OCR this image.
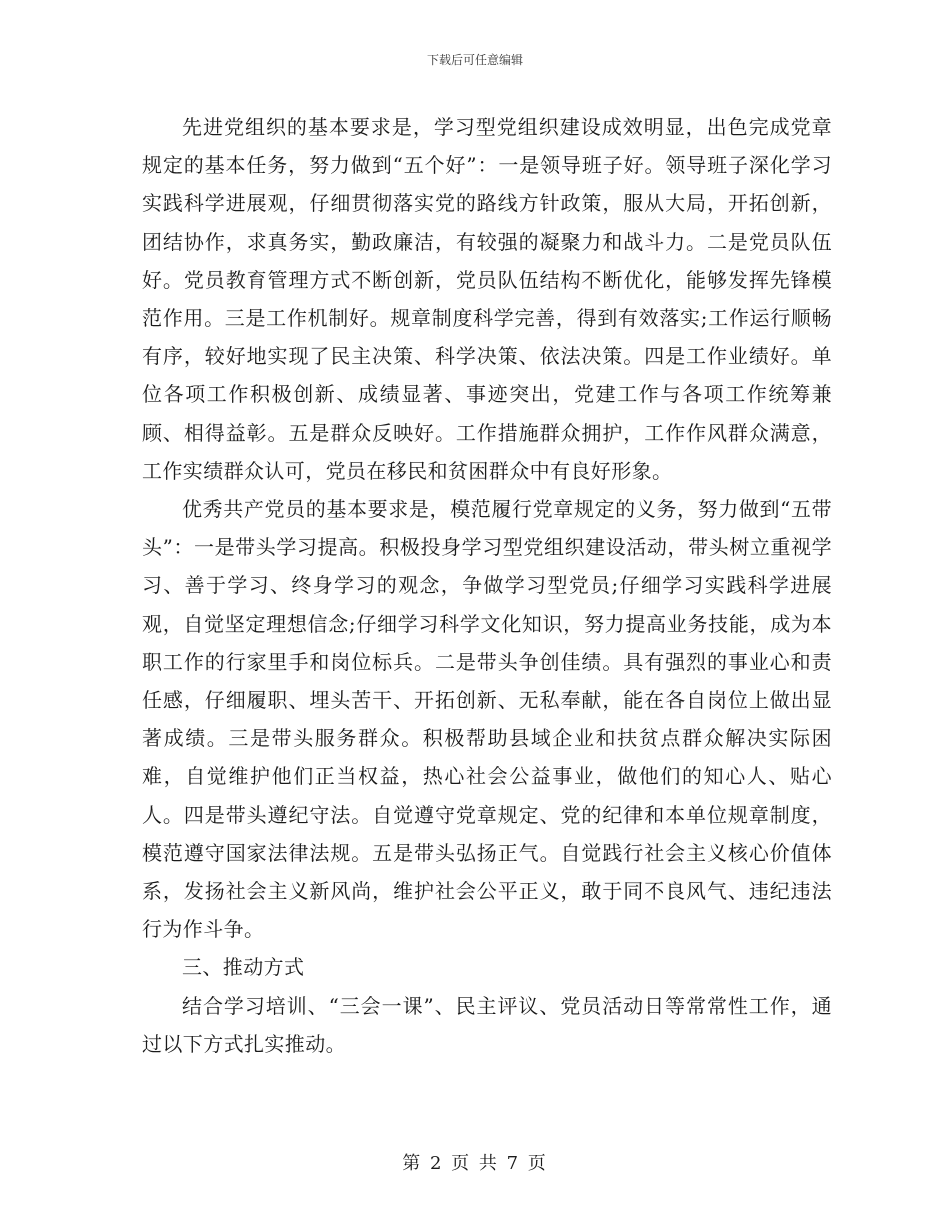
下载后可任意编辑

先进党组织的基本要求是，学习型党组织建设成效明显，出色完成党章规定的基本任务，努力做到“五个好”：一是领导班子好。领导班子深化学习实践科学进展观，仔细贯彻落实党的路线方针政策，服从大局，开拓创新，团结协作，求真务实，勤政廉洁，有较强的凝聚力和战斗力。二是党员队伍好。党员教育管理方式不断创新，党员队伍结构不断优化，能够发挥先锋模范作用。三是工作机制好。规章制度科学完善，得到有效落实;工作运行顺畅有序，较好地实现了民主决策、科学决策、依法决策。四是工作业绩好。单位各项工作积极创新、成绩显著、事迹突出，党建工作与各项工作统筹兼顾、相得益彰。五是群众反映好。工作措施群众拥护，工作作风群众满意，工作实绩群众认可，党员在移民和贫困群众中有良好形象。

优秀共产党员的基本要求是，模范履行党章规定的义务，努力做到“五带头”：一是带头学习提高。积极投身学习型党组织建设活动，带头树立重视学习、善于学习、终身学习的观念，争做学习型党员;仔细学习实践科学进展观，自觉坚定理想信念;仔细学习科学文化知识，努力提高业务技能，成为本职工作的行家里手和岗位标兵。二是带头争创佳绩。具有强烈的事业心和责任感，仔细履职、埋头苦干、开拓创新、无私奉献，能在各自岗位上做出显著成绩。三是带头服务群众。积极帮助县域企业和扶贫点群众解决实际困难，自觉维护他们正当权益，热心社会公益事业，做他们的知心人、贴心人。四是带头遵纪守法。自觉遵守党章规定、党的纪律和本单位规章制度，模范遵守国家法律法规。五是带头弘扬正气。自觉践行社会主义核心价值体系，发扬社会主义新风尚，维护社会公平正义，敢于同不良风气、违纪违法行为作斗争。

三、推动方式

结合学习培训、“三会一课”、民主评议、党员活动日等常常性工作，通过以下方式扎实推动。

第 2 页 共 7 页
